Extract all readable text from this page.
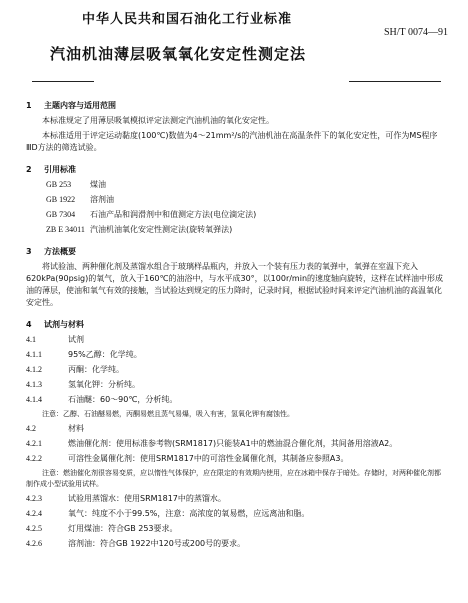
中华人民共和国石油化工行业标准
SH/T 0074—91
汽油机油薄层吸氧氧化安定性测定法
1 主题内容与适用范围
本标准规定了用薄层吸氧模拟评定法测定汽油机油的氧化安定性。
本标准适用于评定运动黏度(100℃)数值为4～21mm²/s的汽油机油在高温条件下的氧化安定性，可作为MS程序ⅢD方法的筛选试验。
2 引用标准
GB 253 煤油
GB 1922 溶剂油
GB 7304 石油产品和润滑剂中和值测定方法(电位滴定法)
ZB E 34011 汽油机油氧化安定性测定法(旋转氧弹法)
3 方法概要
将试验油、两种催化剂及蒸馏水组合于玻璃样品瓶内，并放入一个装有压力表的氧弹中，氧弹在室温下充入620kPa(90psig)的氧气，放入于160℃的油浴中，与水平成30°，以100r/min的速度轴向旋转，这样在试样油中形成油的薄层，使油和氧气有效的接触，当试验达到规定的压力降时，记录时间，根据试验时间来评定汽油机油的高温氧化安定性。
4 试剂与材料
4.1	试剂
4.1.1	95%乙醇：化学纯。
4.1.2	丙酮：化学纯。
4.1.3	氢氧化钾：分析纯。
4.1.4	石油醚：60～90℃，分析纯。
注意：乙醇、石油醚易燃，丙酮易燃且蒸气易爆，吸入有害，氢氧化钾有腐蚀性。
4.2	材料
4.2.1	燃油催化剂：使用标准参考物(SRM1817)只能装A1中的燃油混合催化剂，其间备用溶液A2。
4.2.2	可溶性金属催化剂：使用SRM1817中的可溶性金属催化剂，其制备应参照A3。
注意：燃油催化剂很容易变质，应以惰性气体保护，应在限定的有效期内使用，应在冰箱中保存于暗处。存储时，对两种催化剂都制作成小型试验用试样。
4.2.3	试验用蒸馏水：使用SRM1817中的蒸馏水。
4.2.4	氧气：纯度不小于99.5%，注意：高浓度的氧易燃，应远离油和脂。
4.2.5	灯用煤油：符合GB 253要求。
4.2.6	溶剂油：符合GB 1922中120号或200号的要求。
